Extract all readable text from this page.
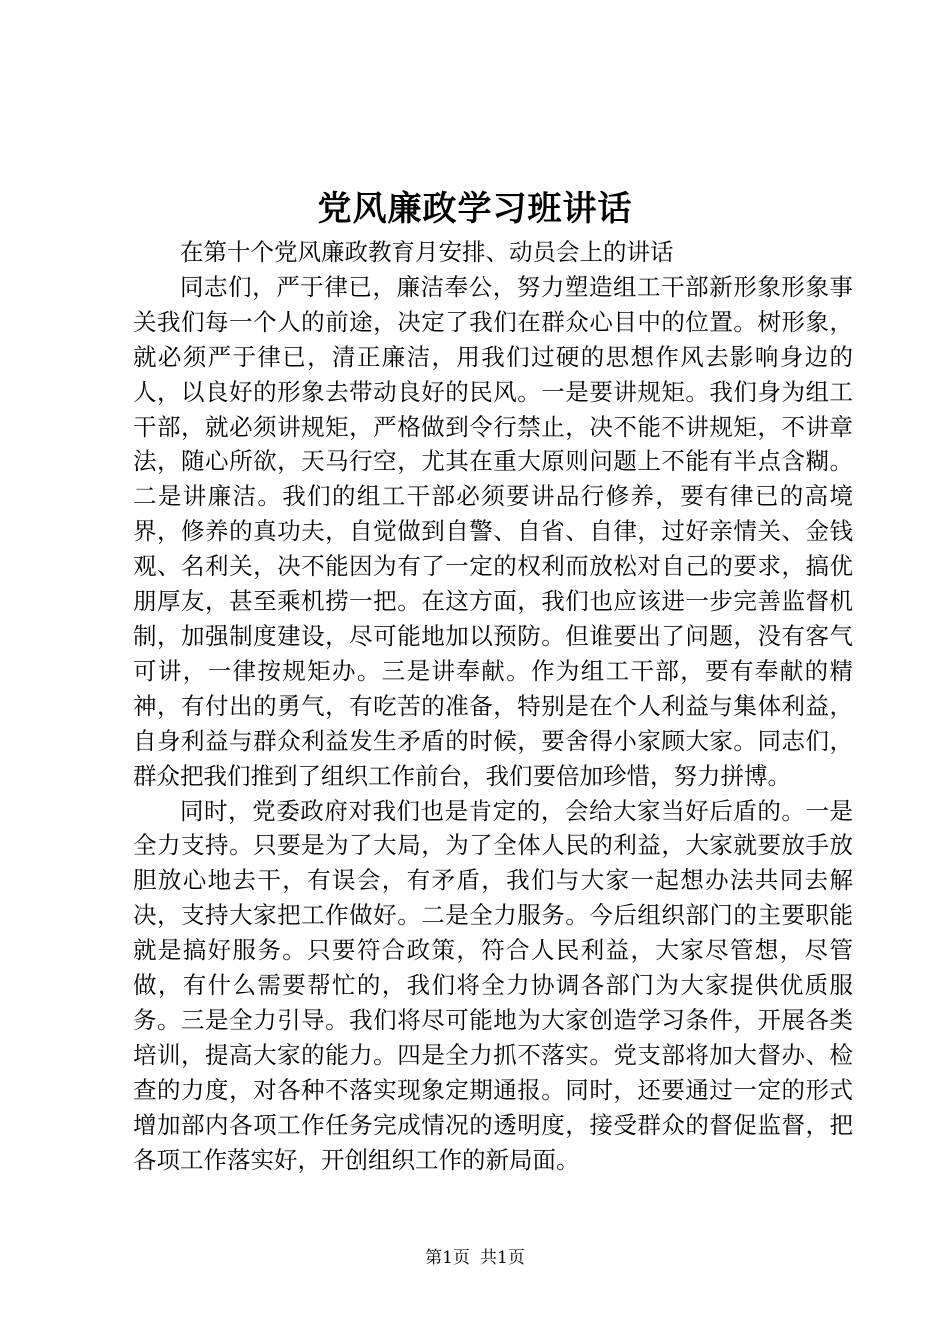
党风廉政学习班讲话

在第十个党风廉政教育月安排、动员会上的讲话

同志们，严于律已，廉洁奉公，努力塑造组工干部新形象形象事关我们每一个人的前途，决定了我们在群众心目中的位置。树形象，就必须严于律已，清正廉洁，用我们过硬的思想作风去影响身边的人，以良好的形象去带动良好的民风。一是要讲规矩。我们身为组工干部，就必须讲规矩，严格做到令行禁止，决不能不讲规矩，不讲章法，随心所欲，天马行空，尤其在重大原则问题上不能有半点含糊。二是讲廉洁。我们的组工干部必须要讲品行修养，要有律已的高境界，修养的真功夫，自觉做到自警、自省、自律，过好亲情关、金钱观、名利关，决不能因为有了一定的权利而放松对自己的要求，搞优朋厚友，甚至乘机捞一把。在这方面，我们也应该进一步完善监督机制，加强制度建设，尽可能地加以预防。但谁要出了问题，没有客气可讲，一律按规矩办。三是讲奉献。作为组工干部，要有奉献的精神，有付出的勇气，有吃苦的准备，特别是在个人利益与集体利益，自身利益与群众利益发生矛盾的时候，要舍得小家顾大家。同志们，群众把我们推到了组织工作前台，我们要倍加珍惜，努力拼博。

同时，党委政府对我们也是肯定的，会给大家当好后盾的。一是全力支持。只要是为了大局，为了全体人民的利益，大家就要放手放胆放心地去干，有误会，有矛盾，我们与大家一起想办法共同去解决，支持大家把工作做好。二是全力服务。今后组织部门的主要职能就是搞好服务。只要符合政策，符合人民利益，大家尽管想，尽管做，有什么需要帮忙的，我们将全力协调各部门为大家提供优质服务。三是全力引导。我们将尽可能地为大家创造学习条件，开展各类培训，提高大家的能力。四是全力抓不落实。党支部将加大督办、检查的力度，对各种不落实现象定期通报。同时，还要通过一定的形式增加部内各项工作任务完成情况的透明度，接受群众的督促监督，把各项工作落实好，开创组织工作的新局面。

第1页 共1页
